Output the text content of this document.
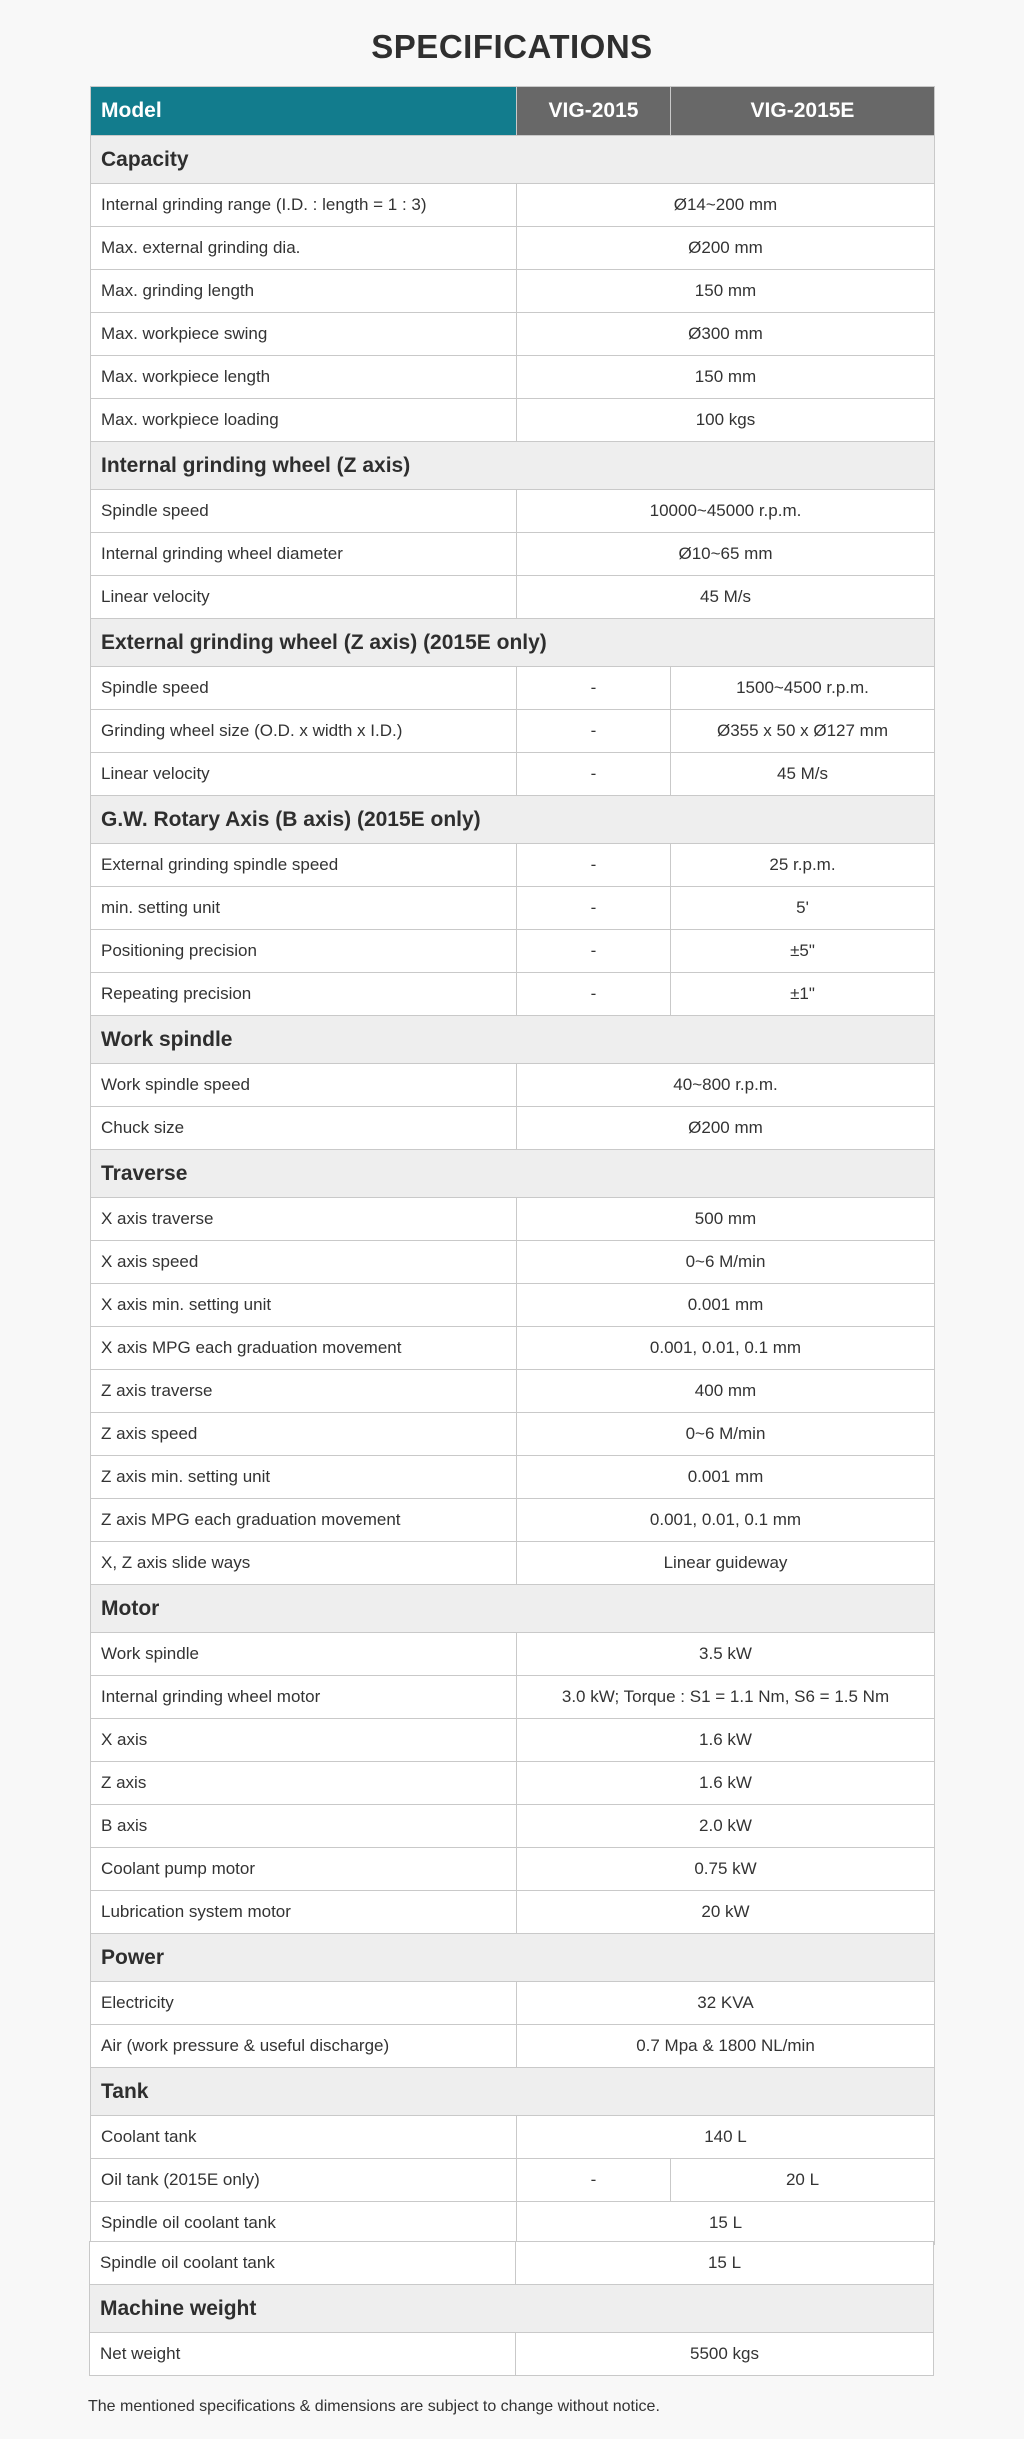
SPECIFICATIONS
Model	VIG-2015	VIG-2015E
Capacity		
Internal grinding range (I.D. : length = 1 : 3)	Ø14~200 mm	
Max. external grinding dia.	Ø200 mm	
Max. grinding length	150 mm	
Max. workpiece swing	Ø300 mm	
Max. workpiece length	150 mm	
Max. workpiece loading	100 kgs	
Internal grinding wheel (Z axis)		
Spindle speed	10000~45000 r.p.m.	
Internal grinding wheel diameter	Ø10~65 mm	
Linear velocity	45 M/s	
External grinding wheel (Z axis) (2015E only)		
Spindle speed	-	1500~4500 r.p.m.
Grinding wheel size (O.D. x width x I.D.)	-	Ø355 x 50 x Ø127 mm
Linear velocity	-	45 M/s
G.W. Rotary Axis (B axis) (2015E only)		
External grinding spindle speed	-	25 r.p.m.
min. setting unit	-	5'
Positioning precision	-	±5"
Repeating precision	-	±1"
Work spindle		
Work spindle speed	40~800 r.p.m.	
Chuck size	Ø200 mm	
Traverse		
X axis traverse	500 mm	
X axis speed	0~6 M/min	
X axis min. setting unit	0.001 mm	
X axis MPG each graduation movement	0.001, 0.01, 0.1 mm	
Z axis traverse	400 mm	
Z axis speed	0~6 M/min	
Z axis min. setting unit	0.001 mm	
Z axis MPG each graduation movement	0.001, 0.01, 0.1 mm	
X, Z axis slide ways	Linear guideway	
Motor		
Work spindle	3.5 kW	
Internal grinding wheel motor	3.0 kW; Torque : S1 = 1.1 Nm, S6 = 1.5 Nm	
X axis	1.6 kW	
Z axis	1.6 kW	
B axis	2.0 kW	
Coolant pump motor	0.75 kW	
Lubrication system motor	20 kW	
Power		
Electricity	32 KVA	
Air (work pressure & useful discharge)	0.7 Mpa & 1800 NL/min	
Tank		
Coolant tank	140 L	
Oil tank (2015E only)	-	20 L
Spindle oil coolant tank	15 L	
Spindle oil coolant tank	15 L
Machine weight	
Net weight	5500 kgs
The mentioned specifications & dimensions are subject to change without notice.
